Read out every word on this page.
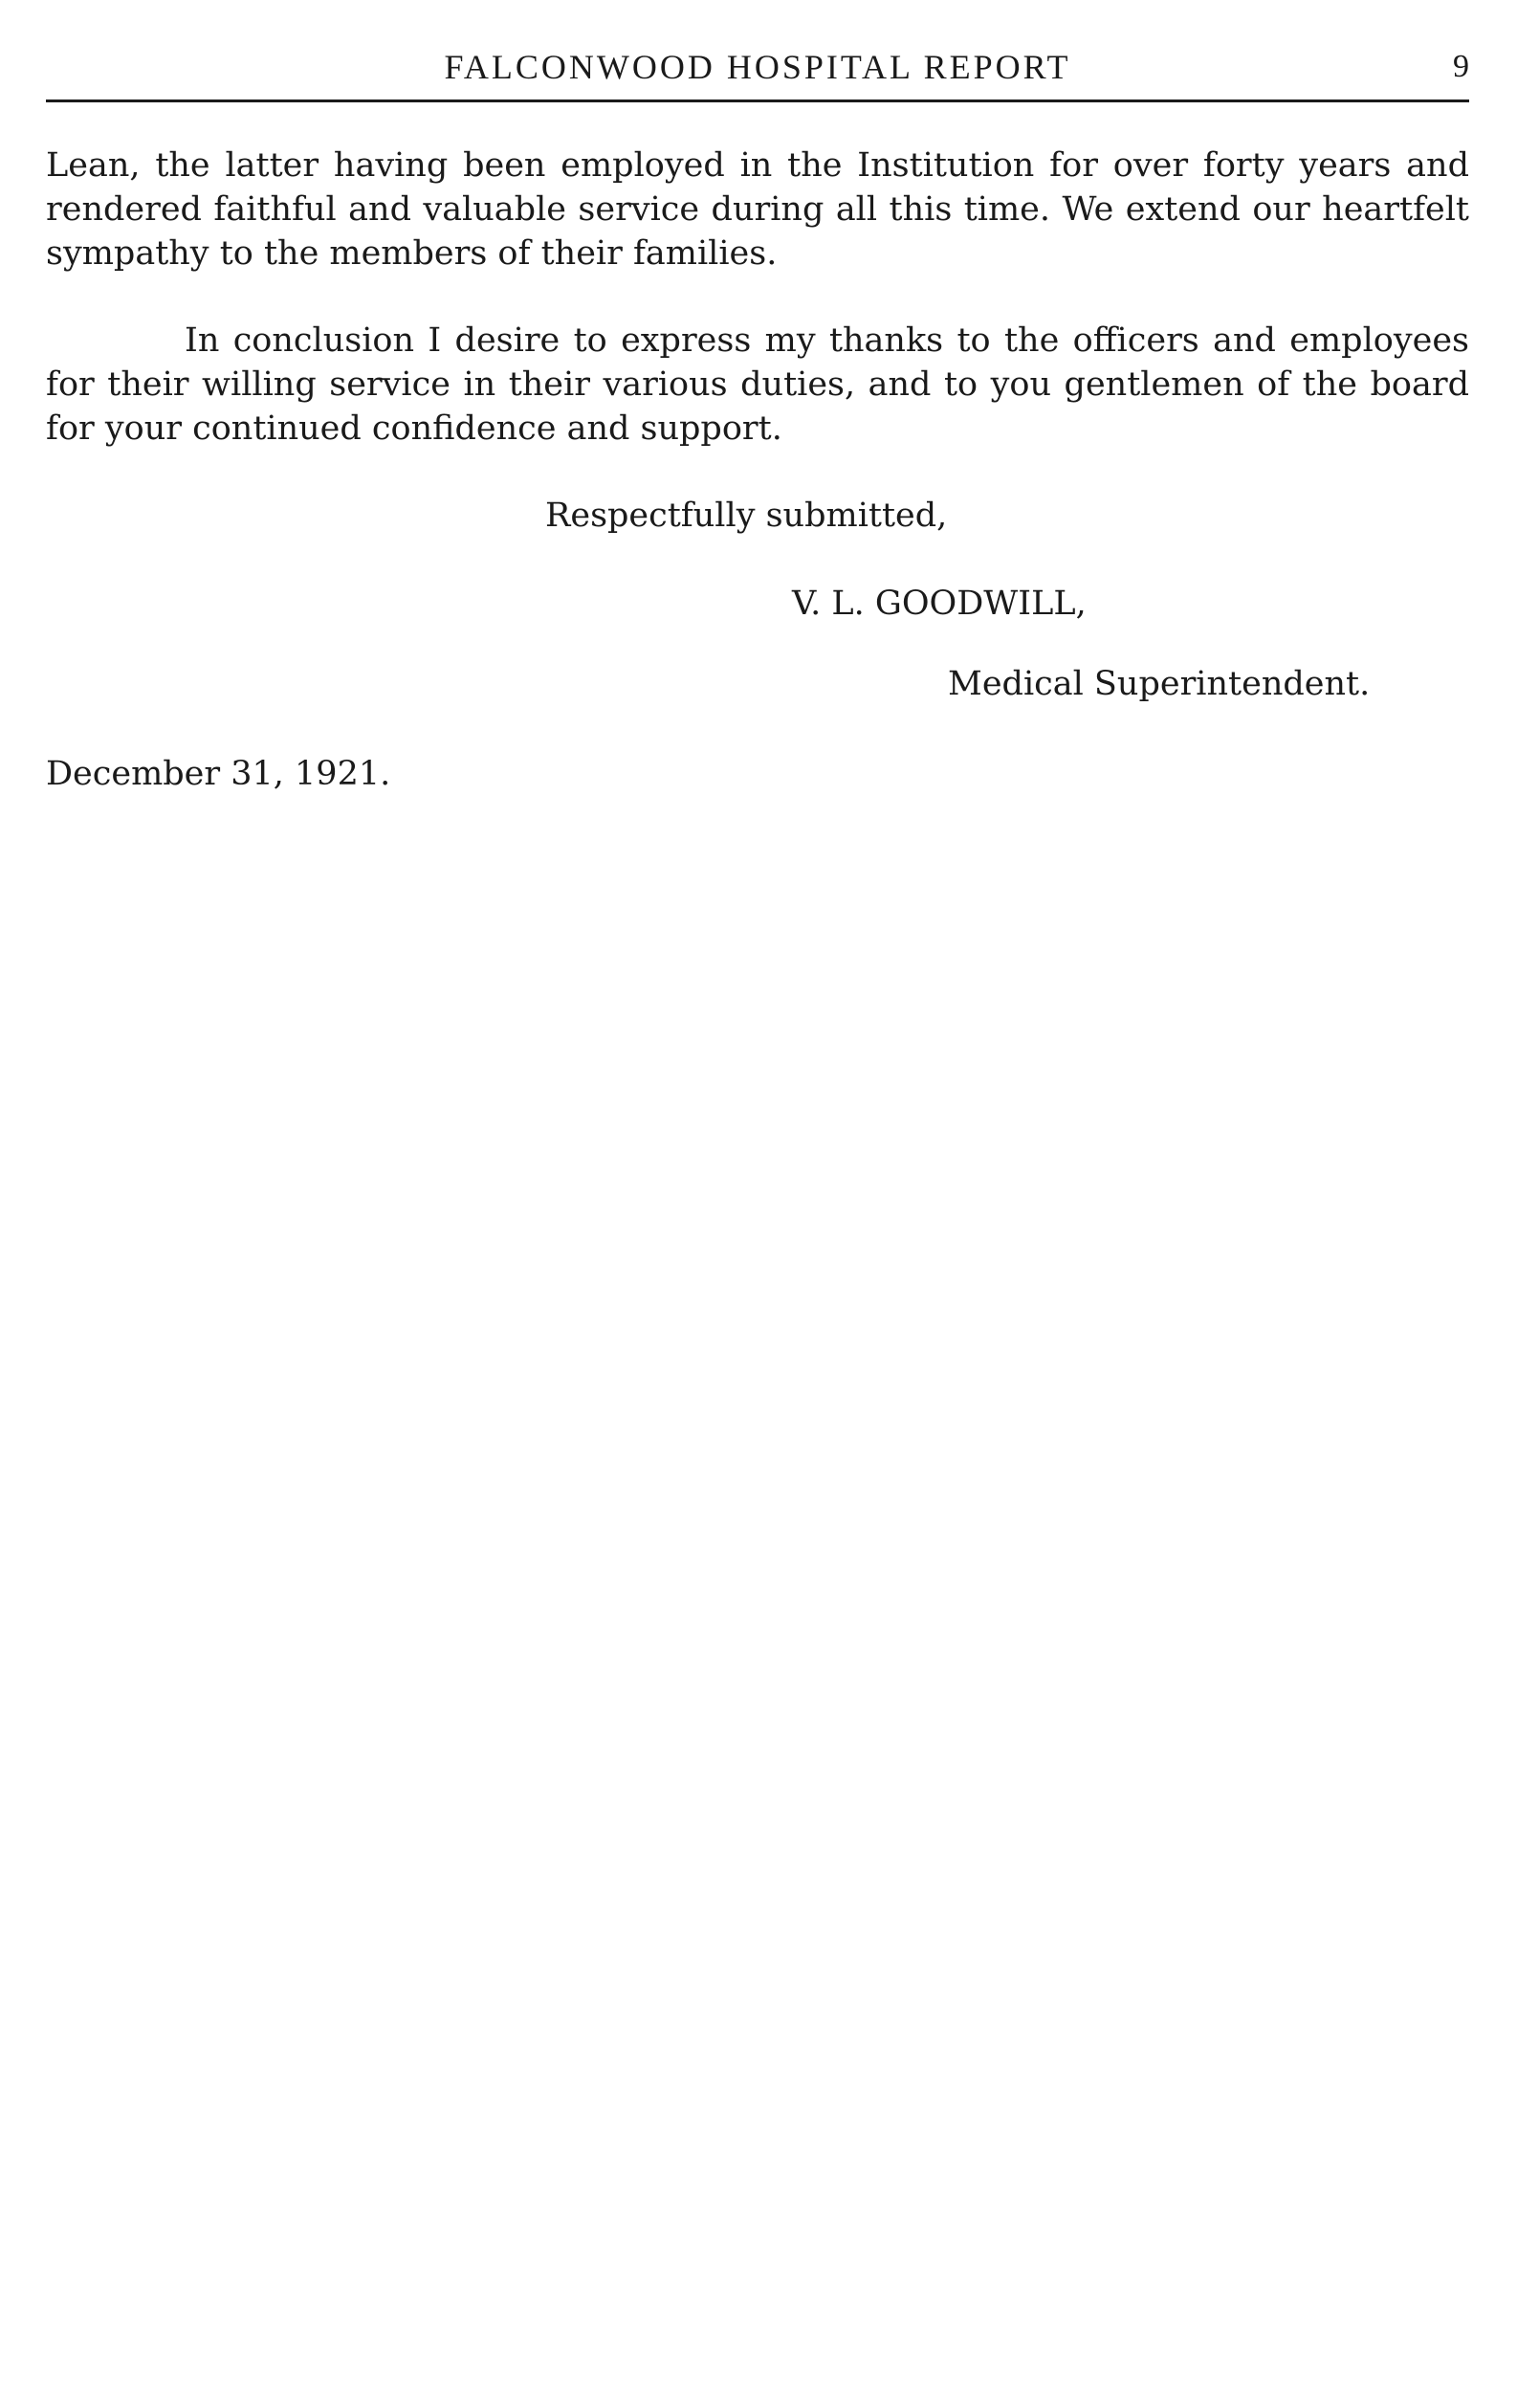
FALCONWOOD HOSPITAL REPORT	9

Lean, the latter having been employed in the Institution for over forty years and rendered faithful and valuable service during all this time. We extend our heartfelt sympathy to the members of their families.

In conclusion I desire to express my thanks to the officers and employees for their willing service in their various duties, and to you gentlemen of the board for your continued confidence and support.

Respectfully submitted,
V. L. GOODWILL,
Medical Superintendent.
December 31, 1921.
